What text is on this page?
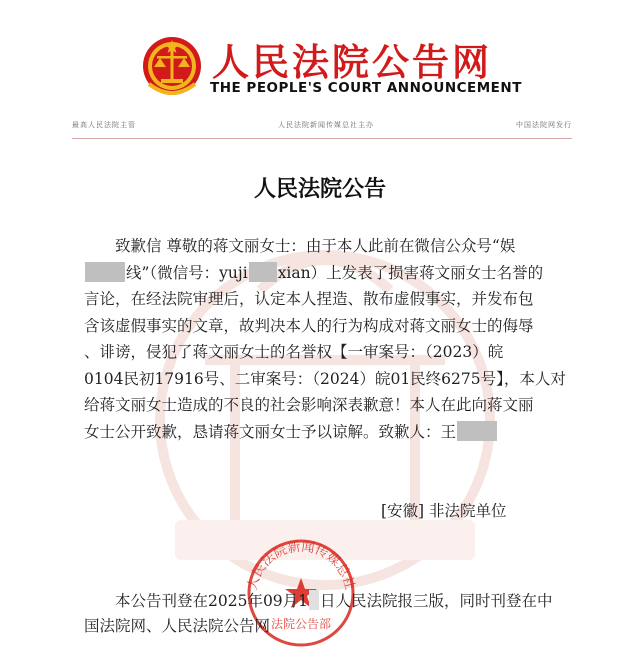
人民法院公告网
THE PEOPLE'S COURT ANNOUNCEMENT
最高人民法院主管	人民法院新闻传媒总社主办	中国法院网发行
人民法院公告
致歉信 尊敬的蒋文丽女士：由于本人此前在微信公众号“娱
线”（微信号：yuji xian）上发表了损害蒋文丽女士名誉的
言论，在经法院审理后，认定本人捏造、散布虚假事实，并发布包
含该虚假事实的文章，故判决本人的行为构成对蒋文丽女士的侮辱
、诽谤，侵犯了蒋文丽女士的名誉权【一审案号：（2023）皖
0104民初17916号、二审案号：（2024）皖01民终6275号】，本人对
给蒋文丽女士造成的不良的社会影响深表歉意！本人在此向蒋文丽
女士公开致歉，恳请蒋文丽女士予以谅解。致歉人：王
[安徽] 非法院单位
人民法院新闻传媒总社
法院公告部
本公告刊登在2025年09月1 日人民法院报三版，同时刊登在中
国法院网、人民法院公告网
